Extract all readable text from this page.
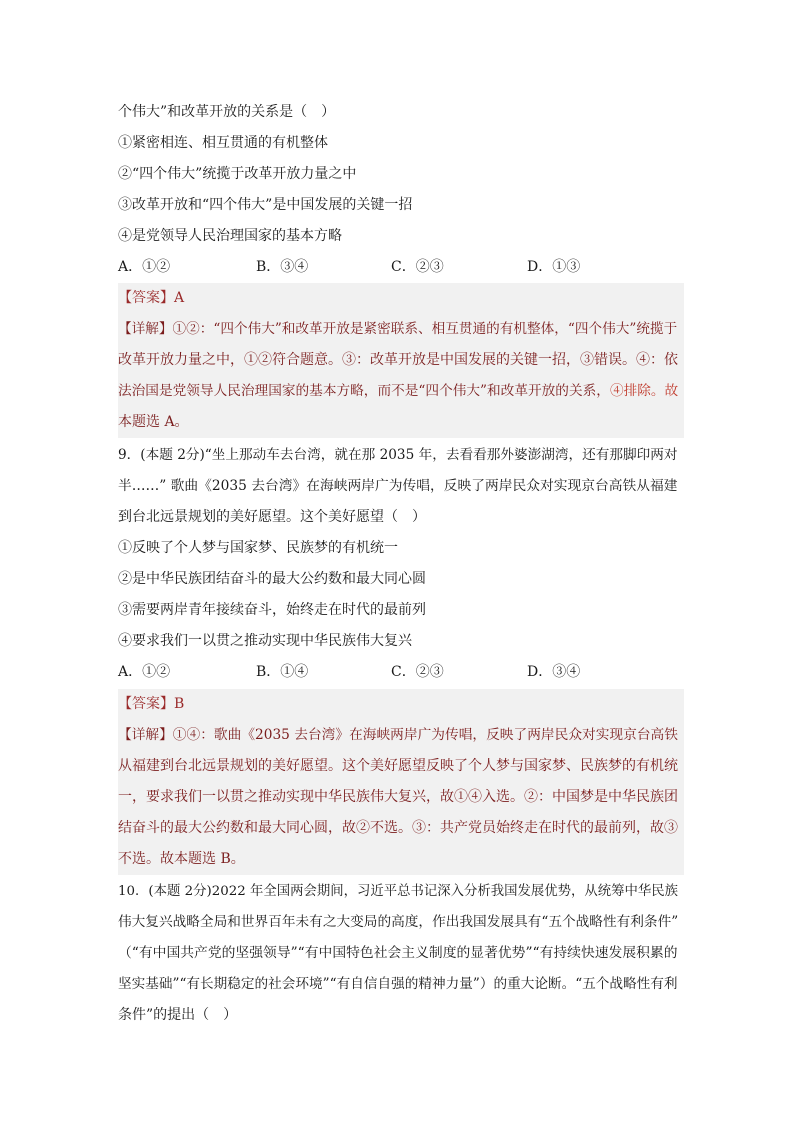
个伟大”和改革开放的关系是（　）
①紧密相连、相互贯通的有机整体
②“四个伟大”统揽于改革开放力量之中
③改革开放和“四个伟大”是中国发展的关键一招
④是党领导人民治理国家的基本方略
A．①②	B．③④	C．②③	D．①③
【答案】A
【详解】①②：“四个伟大”和改革开放是紧密联系、相互贯通的有机整体，“四个伟大”统揽于
改革开放力量之中，①②符合题意。③：改革开放是中国发展的关键一招，③错误。④：依
法治国是党领导人民治理国家的基本方略，而不是“四个伟大”和改革开放的关系，④排除。故
本题选 A。
9．(本题 2分)“坐上那动车去台湾，就在那 2035 年，去看看那外婆澎湖湾，还有那脚印两对
半……” 歌曲《2035 去台湾》在海峡两岸广为传唱，反映了两岸民众对实现京台高铁从福建
到台北远景规划的美好愿望。这个美好愿望（　）
①反映了个人梦与国家梦、民族梦的有机统一
②是中华民族团结奋斗的最大公约数和最大同心圆
③需要两岸青年接续奋斗，始终走在时代的最前列
④要求我们一以贯之推动实现中华民族伟大复兴
A．①②	B．①④	C．②③	D．③④
【答案】B
【详解】①④：歌曲《2035 去台湾》在海峡两岸广为传唱，反映了两岸民众对实现京台高铁
从福建到台北远景规划的美好愿望。这个美好愿望反映了个人梦与国家梦、民族梦的有机统
一，要求我们一以贯之推动实现中华民族伟大复兴，故①④入选。②：中国梦是中华民族团
结奋斗的最大公约数和最大同心圆，故②不选。③：共产党员始终走在时代的最前列，故③
不选。故本题选 B。
10．(本题 2分)2022 年全国两会期间，习近平总书记深入分析我国发展优势，从统筹中华民族
伟大复兴战略全局和世界百年未有之大变局的高度，作出我国发展具有“五个战略性有利条件”
（“有中国共产党的坚强领导”“有中国特色社会主义制度的显著优势”“有持续快速发展积累的
坚实基础”“有长期稳定的社会环境”“有自信自强的精神力量”）的重大论断。“五个战略性有利
条件”的提出（　）
